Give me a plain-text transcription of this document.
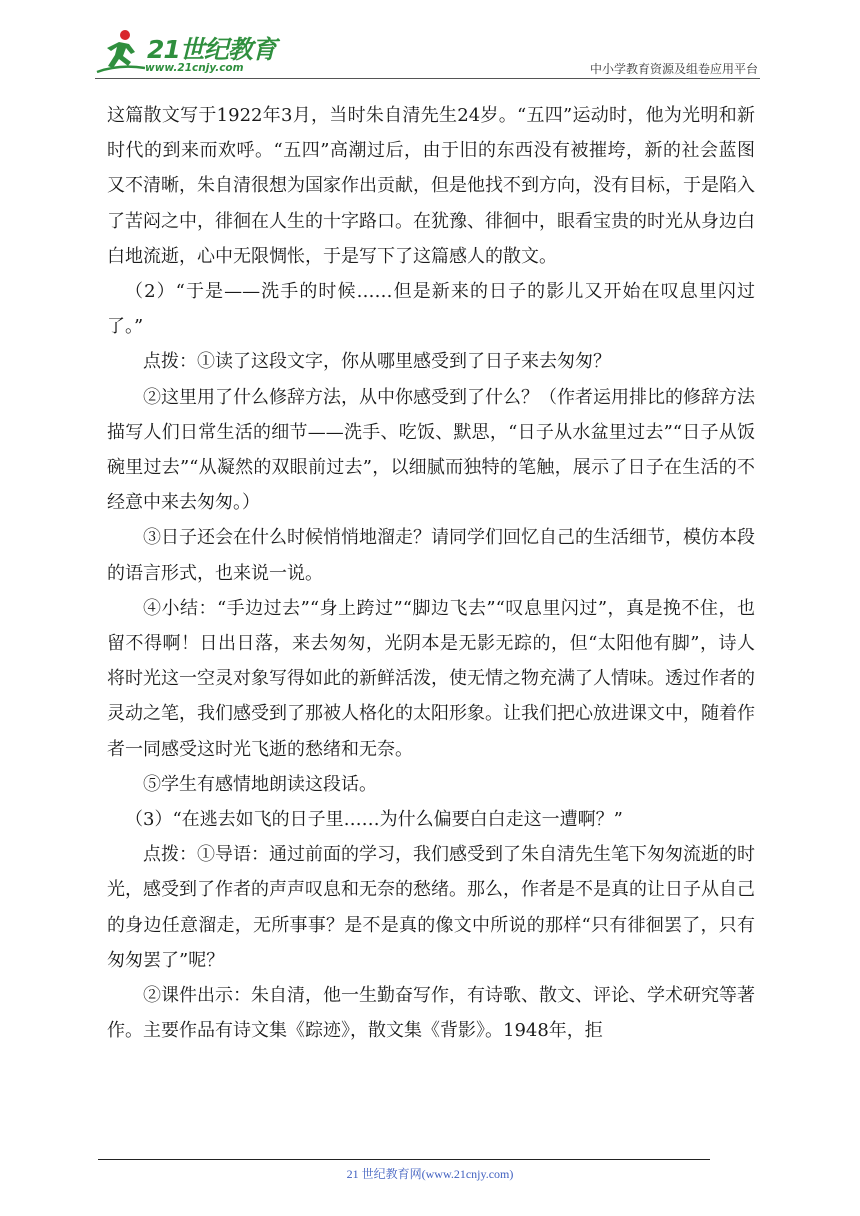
21世纪教育
www.21cnjy.com	中小学教育资源及组卷应用平台

这篇散文写于1922年3月，当时朱自清先生24岁。“五四”运动时，他为光明和新时代的到来而欢呼。“五四”高潮过后，由于旧的东西没有被摧垮，新的社会蓝图又不清晰，朱自清很想为国家作出贡献，但是他找不到方向，没有目标，于是陷入了苦闷之中，徘徊在人生的十字路口。在犹豫、徘徊中，眼看宝贵的时光从身边白白地流逝，心中无限惆怅，于是写下了这篇感人的散文。

（2）“于是——洗手的时候……但是新来的日子的影儿又开始在叹息里闪过了。”

点拨：①读了这段文字，你从哪里感受到了日子来去匆匆？

②这里用了什么修辞方法，从中你感受到了什么？（作者运用排比的修辞方法描写人们日常生活的细节——洗手、吃饭、默思，“日子从水盆里过去”“日子从饭碗里过去”“从凝然的双眼前过去”，以细腻而独特的笔触，展示了日子在生活的不经意中来去匆匆。）

③日子还会在什么时候悄悄地溜走？请同学们回忆自己的生活细节，模仿本段的语言形式，也来说一说。

④小结：“手边过去”“身上跨过”“脚边飞去”“叹息里闪过”，真是挽不住，也留不得啊！日出日落，来去匆匆，光阴本是无影无踪的，但“太阳他有脚”，诗人将时光这一空灵对象写得如此的新鲜活泼，使无情之物充满了人情味。透过作者的灵动之笔，我们感受到了那被人格化的太阳形象。让我们把心放进课文中，随着作者一同感受这时光飞逝的愁绪和无奈。

⑤学生有感情地朗读这段话。

（3）“在逃去如飞的日子里……为什么偏要白白走这一遭啊？”

点拨：①导语：通过前面的学习，我们感受到了朱自清先生笔下匆匆流逝的时光，感受到了作者的声声叹息和无奈的愁绪。那么，作者是不是真的让日子从自己的身边任意溜走，无所事事？是不是真的像文中所说的那样“只有徘徊罢了，只有匆匆罢了”呢？

②课件出示：朱自清，他一生勤奋写作，有诗歌、散文、评论、学术研究等著作。主要作品有诗文集《踪迹》，散文集《背影》。1948年，拒

21 世纪教育网(www.21cnjy.com)
